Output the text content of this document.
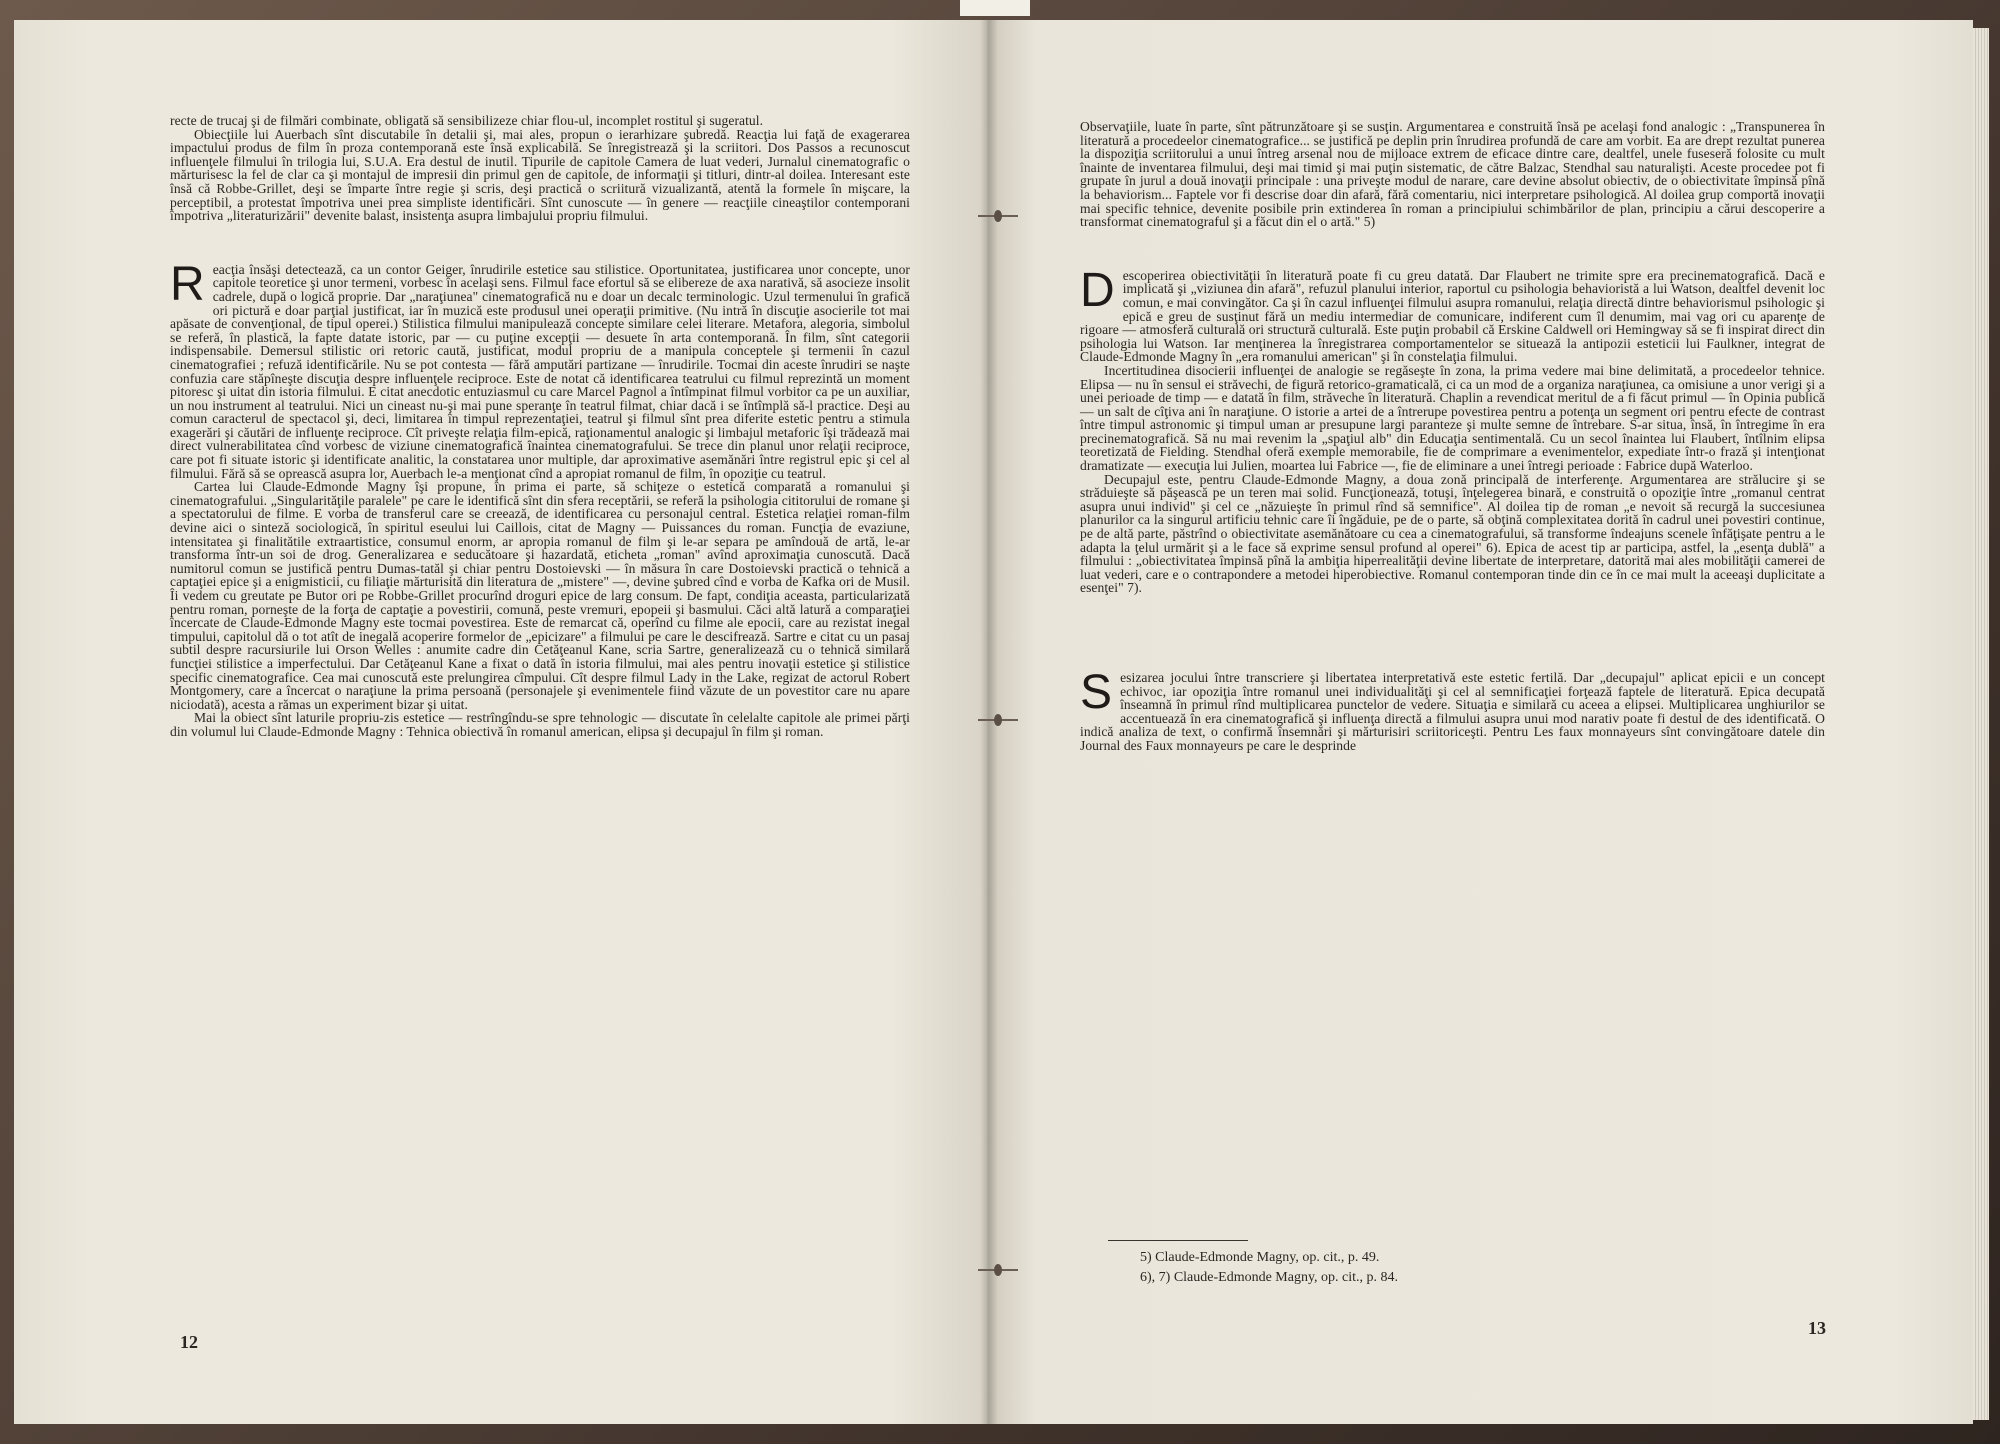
recte de trucaj şi de filmări combinate, obligată să sensibilizeze chiar flou-ul, incomplet rostitul şi sugeratul.

Obiecţiile lui Auerbach sînt discutabile în detalii şi, mai ales, propun o ierarhizare şubredă. Reacţia lui faţă de exagerarea impactului produs de film în proza contemporană este însă explicabilă. Se înregistrează şi la scriitori. Dos Passos a recunoscut influenţele filmului în trilogia lui, S.U.A. Era destul de inutil. Tipurile de capitole Camera de luat vederi, Jurnalul cinematografic o mărturisesc la fel de clar ca şi montajul de impresii din primul gen de capitole, de informaţii şi titluri, dintr-al doilea. Interesant este însă că Robbe-Grillet, deşi se împarte între regie şi scris, deşi practică o scriitură vizualizantă, atentă la formele în mişcare, la perceptibil, a protestat împotriva unei prea simpliste identificări. Sînt cunoscute — în genere — reacţiile cineaştilor contemporani împotriva „literaturizării" devenite balast, insistenţa asupra limbajului propriu filmului.

Reacţia însăşi detectează, ca un contor Geiger, înrudirile estetice sau stilistice. Oportunitatea, justificarea unor concepte, unor capitole teoretice şi unor termeni, vorbesc în acelaşi sens. Filmul face efortul să se elibereze de axa narativă, să asocieze insolit cadrele, după o logică proprie. Dar „naraţiunea" cinematografică nu e doar un decalc terminologic. Uzul termenului în grafică ori pictură e doar parţial justificat, iar în muzică este produsul unei operaţii primitive. (Nu intră în discuţie asocierile tot mai apăsate de convenţional, de tipul operei.) Stilistica filmului manipulează concepte similare celei literare. Metafora, alegoria, simbolul se referă, în plastică, la fapte datate istoric, par — cu puţine excepţii — desuete în arta contemporană. În film, sînt categorii indispensabile. Demersul stilistic ori retoric caută, justificat, modul propriu de a manipula conceptele şi termenii în cazul cinematografiei ; refuză identificările. Nu se pot contesta — fără amputări partizane — înrudirile. Tocmai din aceste înrudiri se naşte confuzia care stăpîneşte discuţia despre influenţele reciproce. Este de notat că identificarea teatrului cu filmul reprezintă un moment pitoresc şi uitat din istoria filmului. E citat anecdotic entuziasmul cu care Marcel Pagnol a întîmpinat filmul vorbitor ca pe un auxiliar, un nou instrument al teatrului. Nici un cineast nu-şi mai pune speranţe în teatrul filmat, chiar dacă i se întîmplă să-l practice. Deşi au comun caracterul de spectacol şi, deci, limitarea în timpul reprezentaţiei, teatrul şi filmul sînt prea diferite estetic pentru a stimula exagerări şi căutări de influenţe reciproce. Cît priveşte relaţia film-epică, raţionamentul analogic şi limbajul metaforic îşi trădează mai direct vulnerabilitatea cînd vorbesc de viziune cinematografică înaintea cinematografului. Se trece din planul unor relaţii reciproce, care pot fi situate istoric şi identificate analitic, la constatarea unor multiple, dar aproximative asemănări între registrul epic şi cel al filmului. Fără să se oprească asupra lor, Auerbach le-a menţionat cînd a apropiat romanul de film, în opoziţie cu teatrul.

Cartea lui Claude-Edmonde Magny îşi propune, în prima ei parte, să schiţeze o estetică comparată a romanului şi cinematografului. „Singularităţile paralele" pe care le identifică sînt din sfera receptării, se referă la psihologia cititorului de romane şi a spectatorului de filme. E vorba de transferul care se creează, de identificarea cu personajul central. Estetica relaţiei roman-film devine aici o sinteză sociologică, în spiritul eseului lui Caillois, citat de Magny — Puissances du roman. Funcţia de evaziune, intensitatea şi finalitătile extraartistice, consumul enorm, ar apropia romanul de film şi le-ar separa pe amîndouă de artă, le-ar transforma într-un soi de drog. Generalizarea e seducătoare şi hazardată, eticheta „roman" avînd aproximaţia cunoscută. Dacă numitorul comun se justifică pentru Dumas-tatăl şi chiar pentru Dostoievski — în măsura în care Dostoievski practică o tehnică a captaţiei epice şi a enigmisticii, cu filiaţie mărturisită din literatura de „mistere" —, devine şubred cînd e vorba de Kafka ori de Musil. Îi vedem cu greutate pe Butor ori pe Robbe-Grillet procurînd droguri epice de larg consum. De fapt, condiţia aceasta, particularizată pentru roman, porneşte de la forţa de captaţie a povestirii, comună, peste vremuri, epopeii şi basmului. Căci altă latură a comparaţiei încercate de Claude-Edmonde Magny este tocmai povestirea. Este de remarcat că, operînd cu filme ale epocii, care au rezistat inegal timpului, capitolul dă o tot atît de inegală acoperire formelor de „epicizare" a filmului pe care le descifrează. Sartre e citat cu un pasaj subtil despre racursiurile lui Orson Welles : anumite cadre din Cetăţeanul Kane, scria Sartre, generalizează cu o tehnică similară funcţiei stilistice a imperfectului. Dar Cetăţeanul Kane a fixat o dată în istoria filmului, mai ales pentru inovaţii estetice şi stilistice specific cinematografice. Cea mai cunoscută este prelungirea cîmpului. Cît despre filmul Lady in the Lake, regizat de actorul Robert Montgomery, care a încercat o naraţiune la prima persoană (personajele şi evenimentele fiind văzute de un povestitor care nu apare niciodată), acesta a rămas un experiment bizar şi uitat.

Mai la obiect sînt laturile propriu-zis estetice — restrîngîndu-se spre tehnologic — discutate în celelalte capitole ale primei părţi din volumul lui Claude-Edmonde Magny : Tehnica obiectivă în romanul american, elipsa şi decupajul în film şi roman.

12

Observaţiile, luate în parte, sînt pătrunzătoare şi se susţin. Argumentarea e construită însă pe acelaşi fond analogic : „Transpunerea în literatură a procedeelor cinematografice... se justifică pe deplin prin înrudirea profundă de care am vorbit. Ea are drept rezultat punerea la dispoziţia scriitorului a unui întreg arsenal nou de mijloace extrem de eficace dintre care, dealtfel, unele fuseseră folosite cu mult înainte de inventarea filmului, deşi mai timid şi mai puţin sistematic, de către Balzac, Stendhal sau naturalişti. Aceste procedee pot fi grupate în jurul a două inovaţii principale : una priveşte modul de narare, care devine absolut obiectiv, de o obiectivitate împinsă pînă la behaviorism... Faptele vor fi descrise doar din afară, fără comentariu, nici interpretare psihologică. Al doilea grup comportă inovaţii mai specific tehnice, devenite posibile prin extinderea în roman a principiului schimbărilor de plan, principiu a cărui descoperire a transformat cinematograful şi a făcut din el o artă." 5)

Descoperirea obiectivităţii în literatură poate fi cu greu datată. Dar Flaubert ne trimite spre era precinematografică. Dacă e implicată şi „viziunea din afară", refuzul planului interior, raportul cu psihologia behavioristă a lui Watson, dealtfel devenit loc comun, e mai convingător. Ca şi în cazul influenţei filmului asupra romanului, relaţia directă dintre behaviorismul psihologic şi epică e greu de susţinut fără un mediu intermediar de comunicare, indiferent cum îl denumim, mai vag ori cu aparenţe de rigoare — atmosferă culturală ori structură culturală. Este puţin probabil că Erskine Caldwell ori Hemingway să se fi inspirat direct din psihologia lui Watson. Iar menţinerea la înregistrarea comportamentelor se situează la antipozii esteticii lui Faulkner, integrat de Claude-Edmonde Magny în „era romanului american" şi în constelaţia filmului.

Incertitudinea disocierii influenţei de analogie se regăseşte în zona, la prima vedere mai bine delimitată, a procedeelor tehnice. Elipsa — nu în sensul ei străvechi, de figură retorico-gramaticală, ci ca un mod de a organiza naraţiunea, ca omisiune a unor verigi şi a unei perioade de timp — e datată în film, străveche în literatură. Chaplin a revendicat meritul de a fi făcut primul — în Opinia publică — un salt de cîţiva ani în naraţiune. O istorie a artei de a întrerupe povestirea pentru a potenţa un segment ori pentru efecte de contrast între timpul astronomic şi timpul uman ar presupune largi paranteze şi multe semne de întrebare. S-ar situa, însă, în întregime în era precinematografică. Să nu mai revenim la „spaţiul alb" din Educaţia sentimentală. Cu un secol înaintea lui Flaubert, întîlnim elipsa teoretizată de Fielding. Stendhal oferă exemple memorabile, fie de comprimare a evenimentelor, expediate într-o frază şi intenţionat dramatizate — execuţia lui Julien, moartea lui Fabrice —, fie de eliminare a unei întregi perioade : Fabrice după Waterloo.

Decupajul este, pentru Claude-Edmonde Magny, a doua zonă principală de interferenţe. Argumentarea are strălucire şi se străduieşte să păşească pe un teren mai solid. Funcţionează, totuşi, înţelegerea binară, e construită o opoziţie între „romanul centrat asupra unui individ" şi cel ce „năzuieşte în primul rînd să semnifice". Al doilea tip de roman „e nevoit să recurgă la succesiunea planurilor ca la singurul artificiu tehnic care îi îngăduie, pe de o parte, să obţină complexitatea dorită în cadrul unei povestiri continue, pe de altă parte, păstrînd o obiectivitate asemănătoare cu cea a cinematografului, să transforme îndeajuns scenele înfăţişate pentru a le adapta la ţelul urmărit şi a le face să exprime sensul profund al operei" 6). Epica de acest tip ar participa, astfel, la „esenţa dublă" a filmului : „obiectivitatea împinsă pînă la ambiţia hiperrealităţii devine libertate de interpretare, datorită mai ales mobilităţii camerei de luat vederi, care e o contrapondere a metodei hiperobiective. Romanul contemporan tinde din ce în ce mai mult la aceeaşi duplicitate a esenţei" 7).

Sesizarea jocului între transcriere şi libertatea interpretativă este estetic fertilă. Dar „decupajul" aplicat epicii e un concept echivoc, iar opoziţia între romanul unei individualităţi şi cel al semnificaţiei forţează faptele de literatură. Epica decupată înseamnă în primul rînd multiplicarea punctelor de vedere. Situaţia e similară cu aceea a elipsei. Multiplicarea unghiurilor se accentuează în era cinematografică şi influenţa directă a filmului asupra unui mod narativ poate fi destul de des identificată. O indică analiza de text, o confirmă însemnări şi mărturisiri scriitoriceşti. Pentru Les faux monnayeurs sînt convingătoare datele din Journal des Faux monnayeurs pe care le desprinde

5) Claude-Edmonde Magny, op. cit., p. 49.
6), 7) Claude-Edmonde Magny, op. cit., p. 84.
13
